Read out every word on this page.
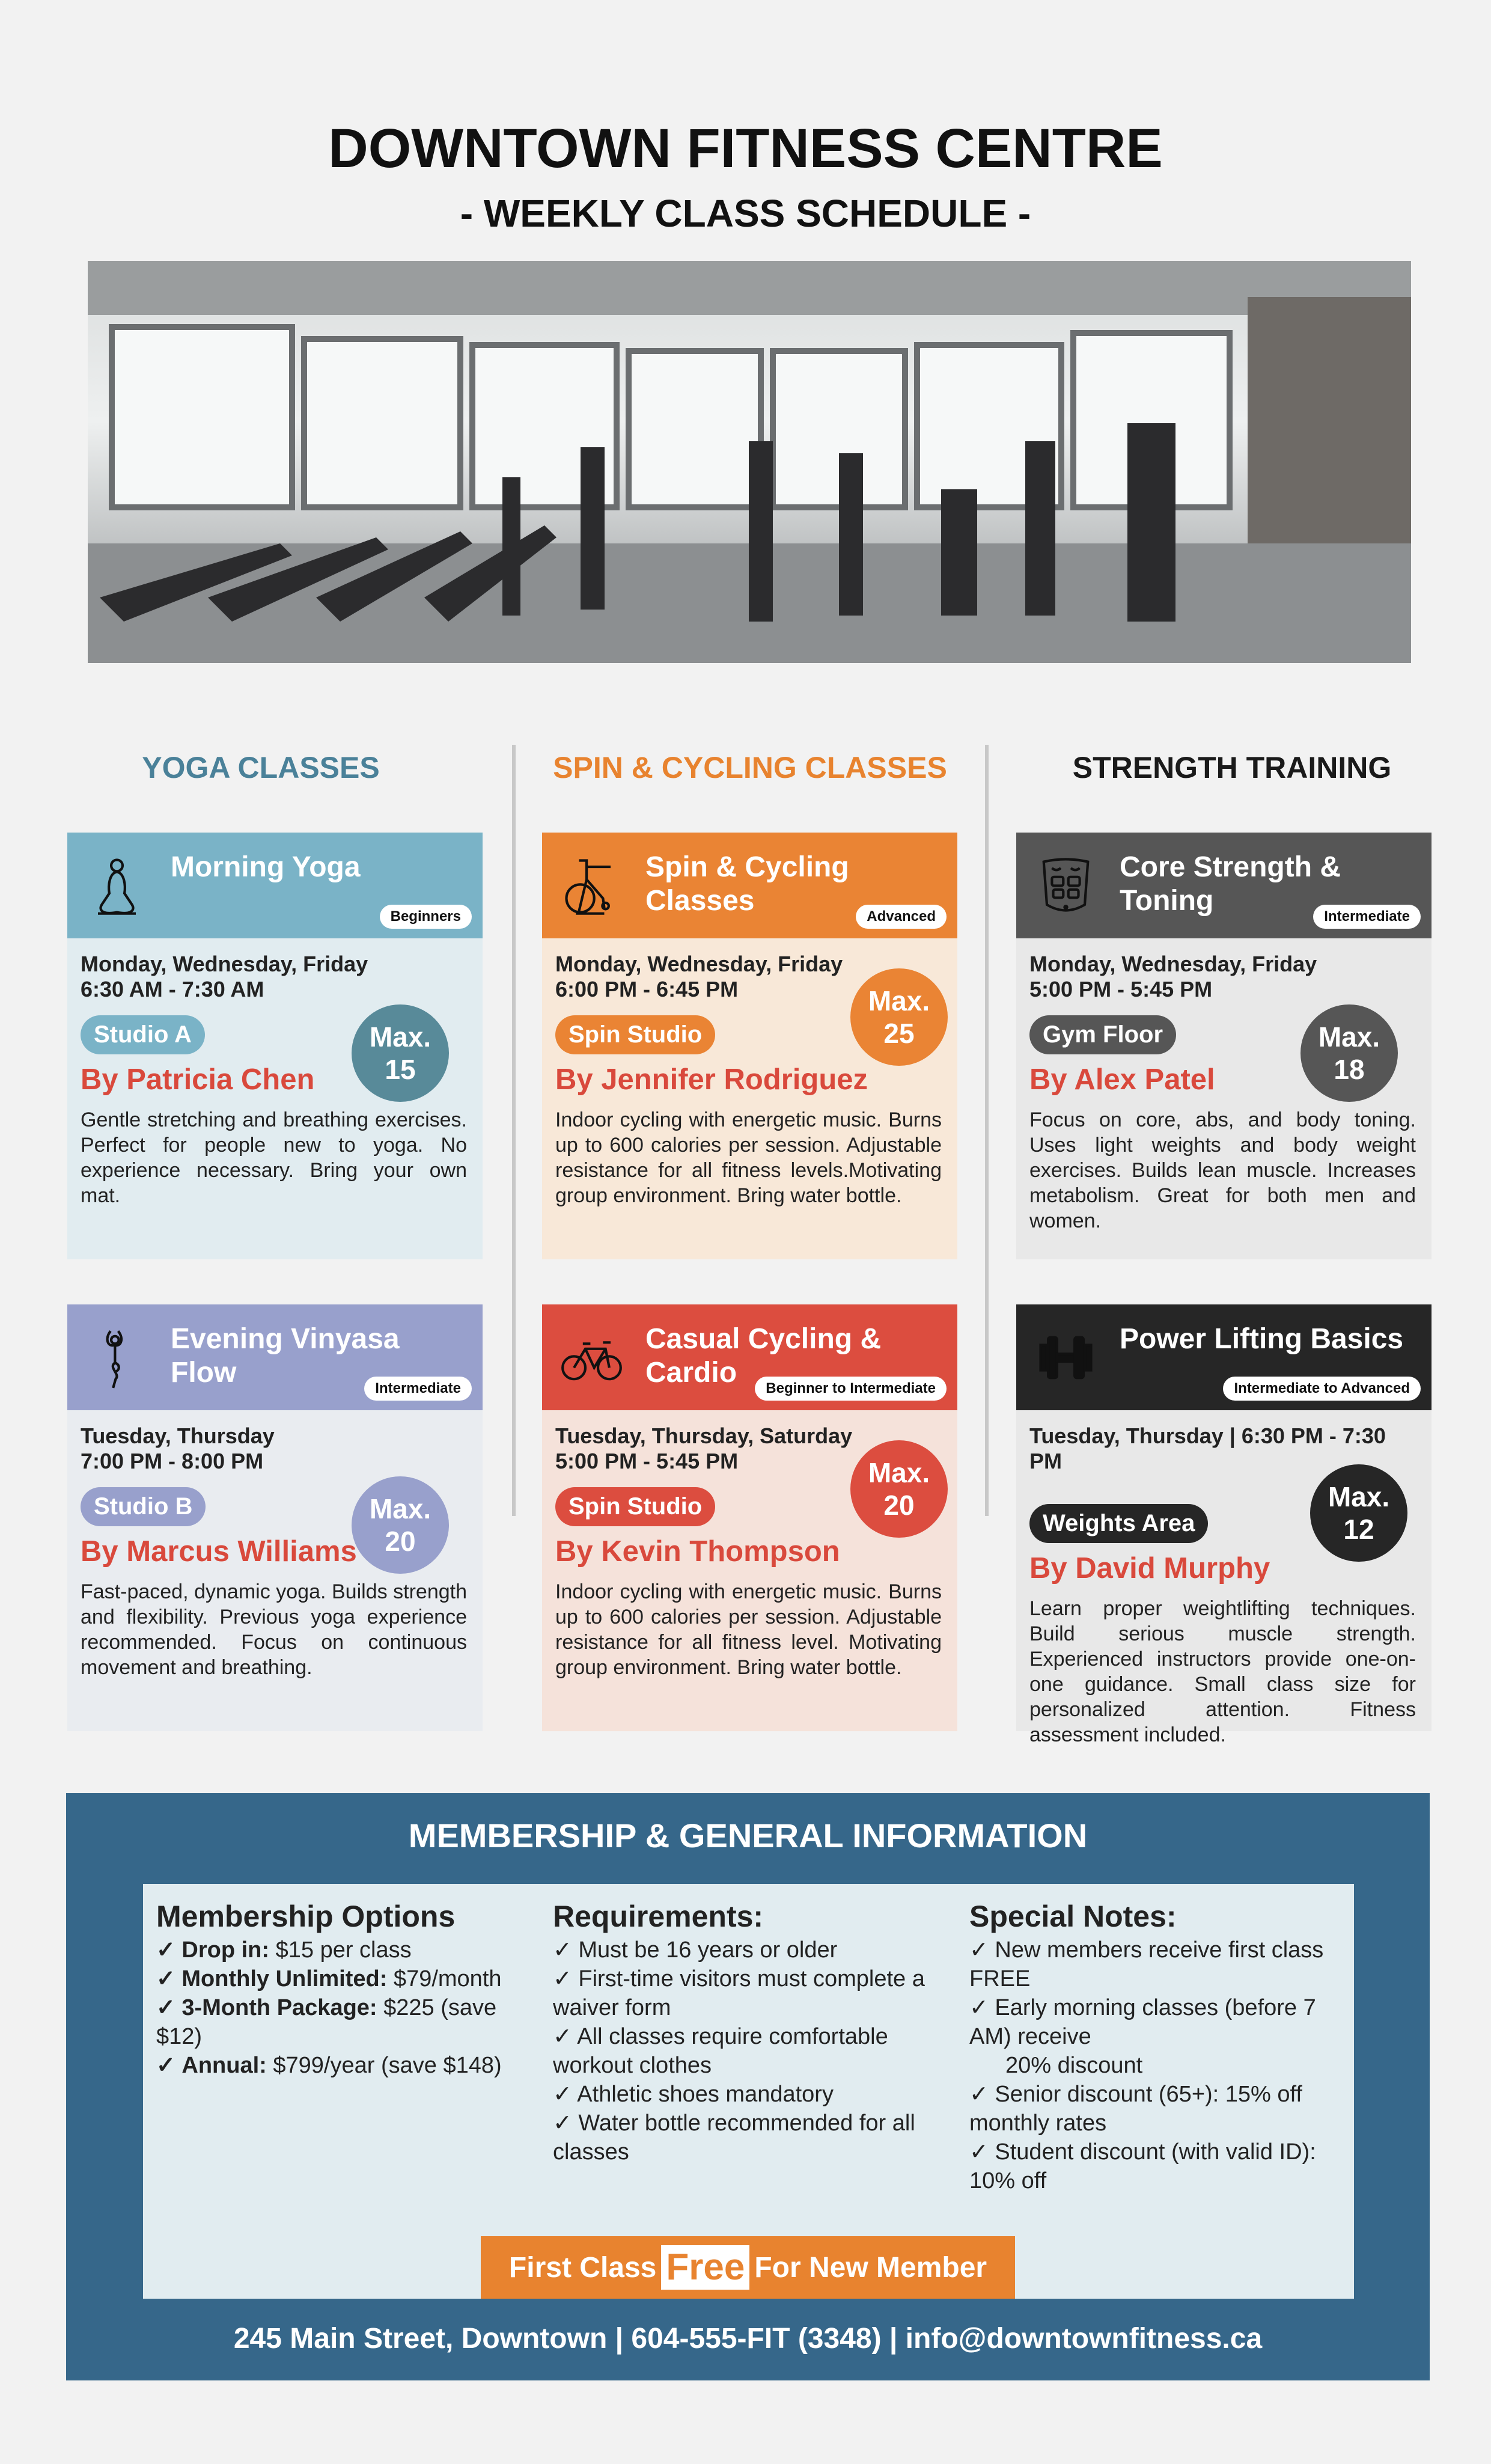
DOWNTOWN FITNESS CENTRE
- WEEKLY CLASS SCHEDULE -
YOGA CLASSES	SPIN & CYCLING CLASSES	STRENGTH TRAINING
Morning Yoga
Beginners
Monday, Wednesday, Friday
6:30 AM - 7:30 AM
Studio A
By Patricia Chen
Gentle stretching and breathing exercises. Perfect for people new to yoga. No experience necessary. Bring your own mat.
Max.
15
Spin & Cycling Classes	Advanced
Monday, Wednesday, Friday
6:00 PM - 6:45 PM
Spin Studio
By Jennifer Rodriguez
Indoor cycling with energetic music. Burns up to 600 calories per session. Adjustable resistance for all fitness levels.Motivating group environment. Bring water bottle.
Max.
25
Core Strength & Toning	Intermediate
Monday, Wednesday, Friday
5:00 PM - 5:45 PM
Gym Floor
By Alex Patel
Focus on core, abs, and body toning. Uses light weights and body weight exercises. Builds lean muscle. Increases metabolism. Great for both men and women.
Max.
18
Evening Vinyasa Flow	Intermediate
Tuesday, Thursday
7:00 PM - 8:00 PM
Studio B
By Marcus Williams
Fast-paced, dynamic yoga. Builds strength and flexibility. Previous yoga experience recommended. Focus on continuous movement and breathing.
Max.
20
Casual Cycling & Cardio	Beginner to Intermediate
Tuesday, Thursday, Saturday
5:00 PM - 5:45 PM
Spin Studio
By Kevin Thompson
Indoor cycling with energetic music. Burns up to 600 calories per session. Adjustable resistance for all fitness level. Motivating group environment. Bring water bottle.
Max.
20
Power Lifting Basics
Intermediate to Advanced
Tuesday, Thursday | 6:30 PM - 7:30 PM
Weights Area
By David Murphy
Learn proper weightlifting techniques. Build serious muscle strength. Experienced instructors provide one-on-one guidance. Small class size for personalized attention. Fitness assessment included.
Max.
12
MEMBERSHIP & GENERAL INFORMATION
Membership Options

✓ Drop in: $15 per class

✓ Monthly Unlimited: $79/month

✓ 3-Month Package: $225 (save $12)

✓ Annual: $799/year (save $148)

Requirements:

✓ Must be 16 years or older

✓ First-time visitors must complete a waiver form

✓ All classes require comfortable workout clothes

✓ Athletic shoes mandatory

✓ Water bottle recommended for all classes

Special Notes:

✓ New members receive first class FREE

✓ Early morning classes (before 7 AM) receive

20% discount

✓ Senior discount (65+): 15% off monthly rates

✓ Student discount (with valid ID): 10% off

First Class Free For New Member
245 Main Street, Downtown | 604-555-FIT (3348) | info@downtownfitness.ca
